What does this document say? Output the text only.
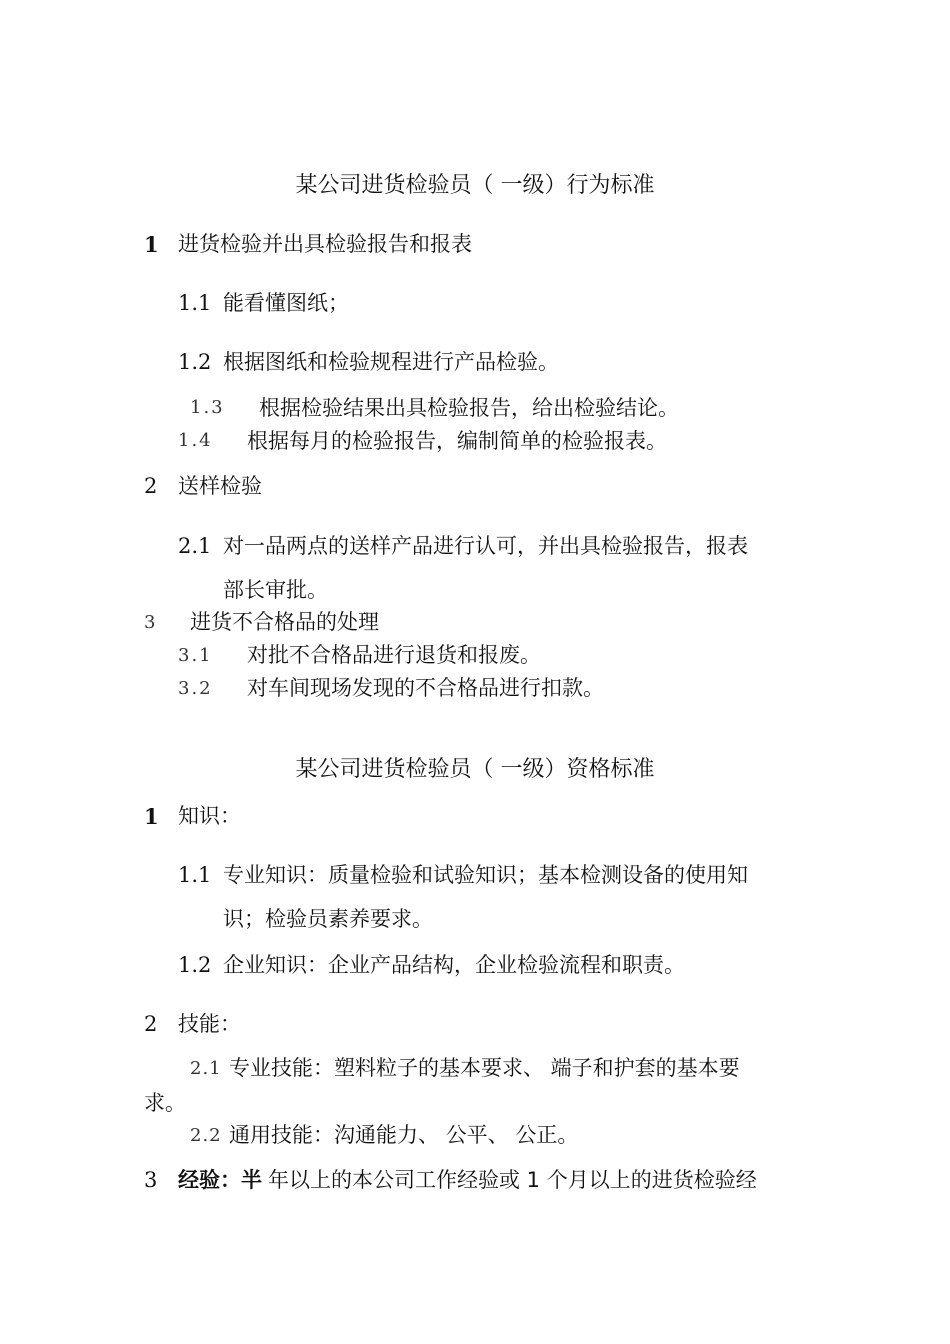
某公司进货检验员（ 一级）行为标准
1 进货检验并出具检验报告和报表
1.1 能看懂图纸；
1.2 根据图纸和检验规程进行产品检验。
1.3 根据检验结果出具检验报告，给出检验结论。
1.4 根据每月的检验报告，编制简单的检验报表。
2 送样检验
2.1 对一品两点的送样产品进行认可，并出具检验报告，报表
部长审批。
3 进货不合格品的处理
3.1 对批不合格品进行退货和报废。
3.2 对车间现场发现的不合格品进行扣款。
某公司进货检验员（ 一级）资格标准
1 知识：
1.1 专业知识：质量检验和试验知识；基本检测设备的使用知
识；检验员素养要求。
1.2 企业知识：企业产品结构，企业检验流程和职责。
2 技能：
2.1 专业技能：塑料粒子的基本要求、 端子和护套的基本要
求。
2.2 通用技能：沟通能力、 公平、 公正。
3 经验：半 年以上的本公司工作经验或 1 个月以上的进货检验经
